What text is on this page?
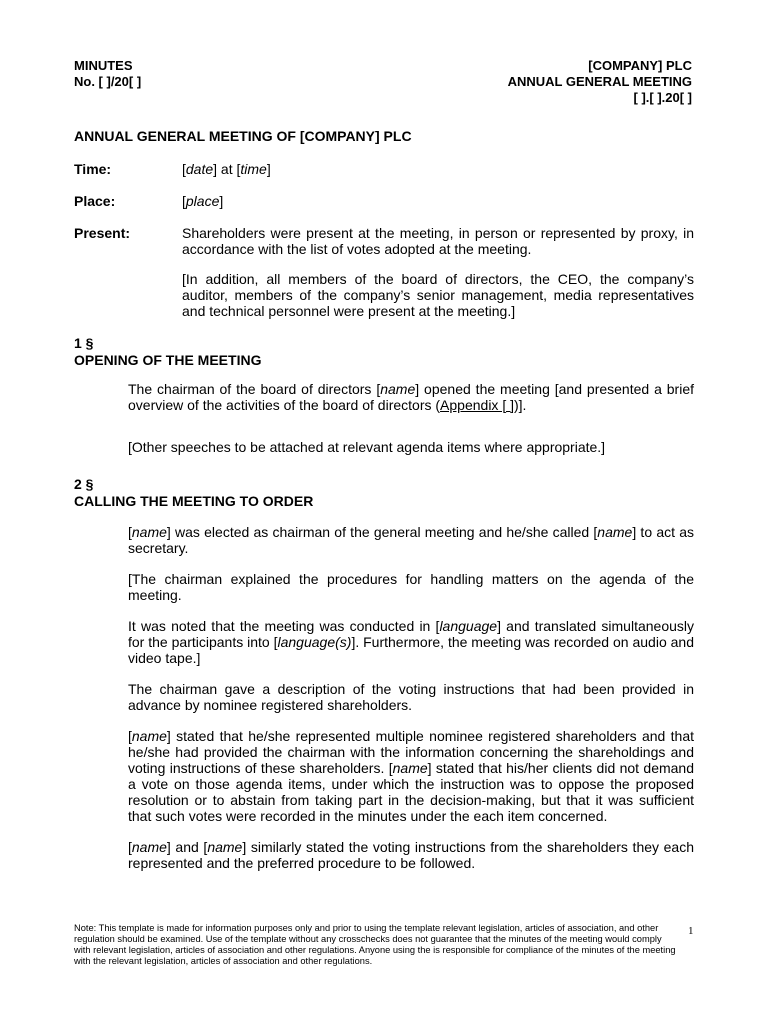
MINUTES
No. [ ]/20[ ]
[COMPANY] PLC
ANNUAL GENERAL MEETING
[ ].[ ].20[ ]
ANNUAL GENERAL MEETING OF [COMPANY] PLC
Time:	[date] at [time]
Place:	[place]
Present:	Shareholders were present at the meeting, in person or represented by proxy, in accordance with the list of votes adopted at the meeting.

[In addition, all members of the board of directors, the CEO, the company’s auditor, members of the company’s senior management, media representatives and technical personnel were present at the meeting.]

1 §
OPENING OF THE MEETING

The chairman of the board of directors [name] opened the meeting [and presented a brief overview of the activities of the board of directors (Appendix [ ])].

[Other speeches to be attached at relevant agenda items where appropriate.]

2 §
CALLING THE MEETING TO ORDER

[name] was elected as chairman of the general meeting and he/she called [name] to act as secretary.

[The chairman explained the procedures for handling matters on the agenda of the meeting.

It was noted that the meeting was conducted in [language] and translated simultaneously for the participants into [language(s)]. Furthermore, the meeting was recorded on audio and video tape.]

The chairman gave a description of the voting instructions that had been provided in advance by nominee registered shareholders.

[name] stated that he/she represented multiple nominee registered shareholders and that he/she had provided the chairman with the information concerning the shareholdings and voting instructions of these shareholders. [name] stated that his/her clients did not demand a vote on those agenda items, under which the instruction was to oppose the proposed resolution or to abstain from taking part in the decision-making, but that it was sufficient that such votes were recorded in the minutes under the each item concerned.

[name] and [name] similarly stated the voting instructions from the shareholders they each represented and the preferred procedure to be followed.

Note: This template is made for information purposes only and prior to using the template relevant legislation, articles of association, and other regulation should be examined. Use of the template without any crosschecks does not guarantee that the minutes of the meeting would comply with relevant legislation, articles of association and other regulations. Anyone using the is responsible for compliance of the minutes of the meeting with the relevant legislation, articles of association and other regulations.
1
